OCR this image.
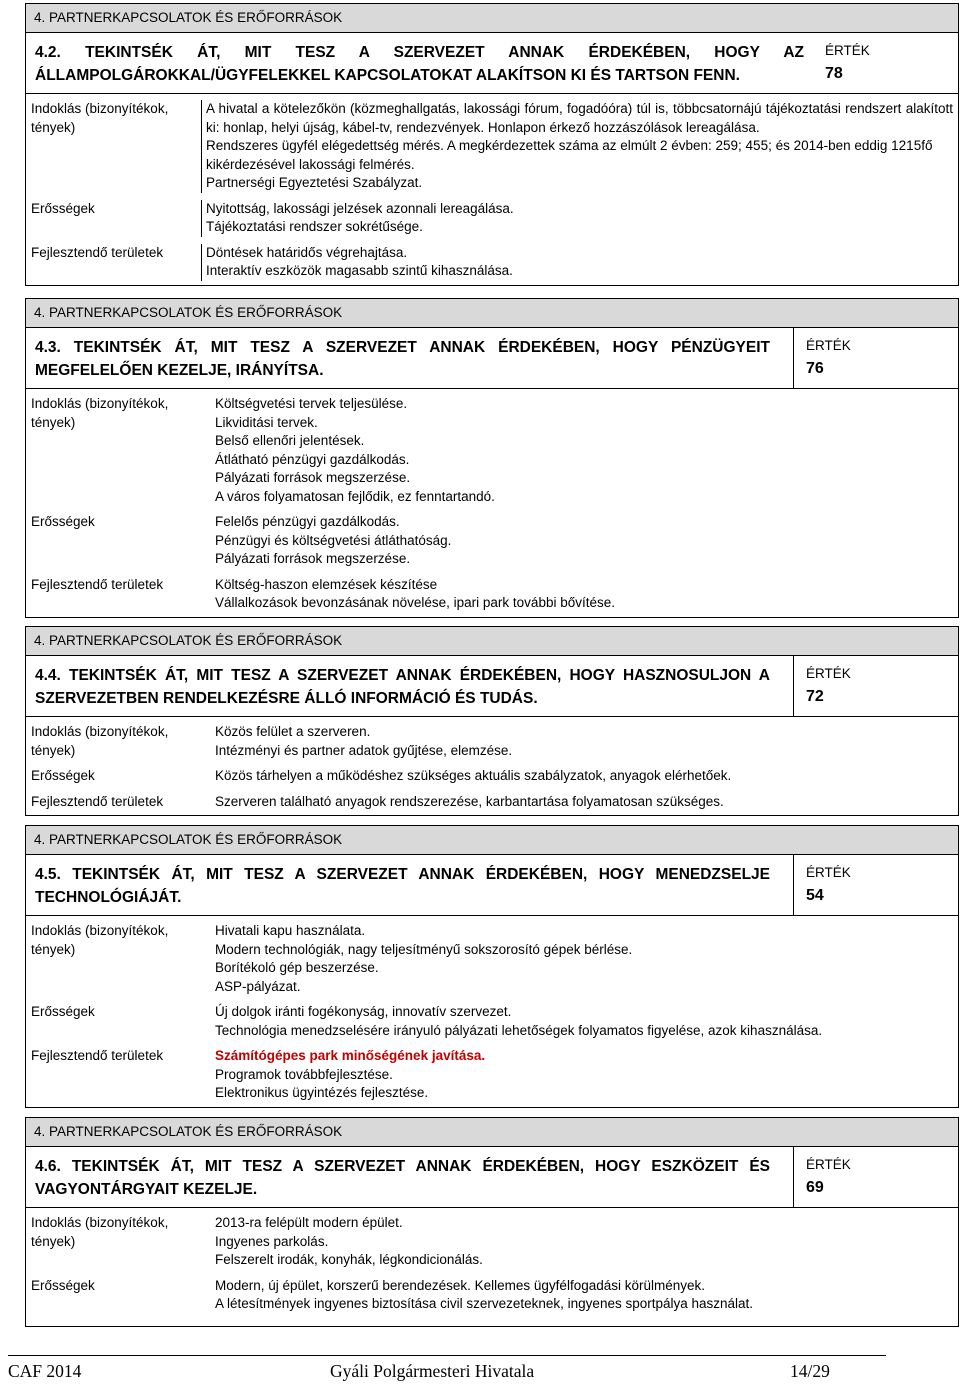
4. PARTNERKAPCSOLATOK ÉS ERŐFORRÁSOK
4.2. TEKINTSÉK ÁT, MIT TESZ A SZERVEZET ANNAK ÉRDEKÉBEN, HOGY AZ
ÁLLAMPOLGÁROKKAL/ÜGYFELEKKEL KAPCSOLATOKAT ALAKÍTSON KI ÉS TARTSON FENN.
ÉRTÉK
78
Indoklás (bizonyítékok, tények)
A hivatal a kötelezőkön (közmeghallgatás, lakossági fórum, fogadóóra) túl is, többcsatornájú tájékoztatási rendszert alakított ki: honlap, helyi újság, kábel-tv, rendezvények. Honlapon érkező hozzászólások lereagálása.
Rendszeres ügyfél elégedettség mérés. A megkérdezettek száma az elmúlt 2 évben: 259; 455; és 2014-ben eddig 1215fő kikérdezésével lakossági felmérés.
Partnerségi Egyeztetési Szabályzat.
Erősségek	Nyitottság, lakossági jelzések azonnali lereagálása.
Tájékoztatási rendszer sokrétűsége.
Fejlesztendő területek	Döntések határidős végrehajtása.
Interaktív eszközök magasabb szintű kihasználása.
4. PARTNERKAPCSOLATOK ÉS ERŐFORRÁSOK
4.3. TEKINTSÉK ÁT, MIT TESZ A SZERVEZET ANNAK ÉRDEKÉBEN, HOGY PÉNZÜGYEIT
MEGFELELŐEN KEZELJE, IRÁNYÍTSA.
ÉRTÉK
76
Indoklás (bizonyítékok, tények)
Költségvetési tervek teljesülése.
Likviditási tervek.
Belső ellenőri jelentések.
Átlátható pénzügyi gazdálkodás.
Pályázati források megszerzése.
A város folyamatosan fejlődik, ez fenntartandó.
Erősségek	Felelős pénzügyi gazdálkodás.
Pénzügyi és költségvetési átláthatóság.
Pályázati források megszerzése.
Fejlesztendő területek	Költség-haszon elemzések készítése
Vállalkozások bevonzásának növelése, ipari park további bővítése.
4. PARTNERKAPCSOLATOK ÉS ERŐFORRÁSOK
4.4. TEKINTSÉK ÁT, MIT TESZ A SZERVEZET ANNAK ÉRDEKÉBEN, HOGY HASZNOSULJON A
SZERVEZETBEN RENDELKEZÉSRE ÁLLÓ INFORMÁCIÓ ÉS TUDÁS.
ÉRTÉK
72
Indoklás (bizonyítékok, tények)
Közös felület a szerveren.
Intézményi és partner adatok gyűjtése, elemzése.
Erősségek	Közös tárhelyen a működéshez szükséges aktuális szabályzatok, anyagok elérhetőek.
Fejlesztendő területek	Szerveren található anyagok rendszerezése, karbantartása folyamatosan szükséges.
4. PARTNERKAPCSOLATOK ÉS ERŐFORRÁSOK
4.5. TEKINTSÉK ÁT, MIT TESZ A SZERVEZET ANNAK ÉRDEKÉBEN, HOGY MENEDZSELJE
TECHNOLÓGIÁJÁT.
ÉRTÉK
54
Indoklás (bizonyítékok, tények)
Hivatali kapu használata.
Modern technológiák, nagy teljesítményű sokszorosító gépek bérlése.
Borítékoló gép beszerzése.
ASP-pályázat.
Erősségek	Új dolgok iránti fogékonyság, innovatív szervezet.
Technológia menedzselésére irányuló pályázati lehetőségek folyamatos figyelése, azok kihasználása.
Fejlesztendő területek	Számítógépes park minőségének javítása.
Programok továbbfejlesztése.
Elektronikus ügyintézés fejlesztése.
4. PARTNERKAPCSOLATOK ÉS ERŐFORRÁSOK
4.6. TEKINTSÉK ÁT, MIT TESZ A SZERVEZET ANNAK ÉRDEKÉBEN, HOGY ESZKÖZEIT ÉS
VAGYONTÁRGYAIT KEZELJE.
ÉRTÉK
69
Indoklás (bizonyítékok, tények)
2013-ra felépült modern épület.
Ingyenes parkolás.
Felszerelt irodák, konyhák, légkondicionálás.
Erősségek	Modern, új épület, korszerű berendezések. Kellemes ügyfélfogadási körülmények.
A létesítmények ingyenes biztosítása civil szervezeteknek, ingyenes sportpálya használat.
CAF 2014	Gyáli Polgármesteri Hivatala	14/29
